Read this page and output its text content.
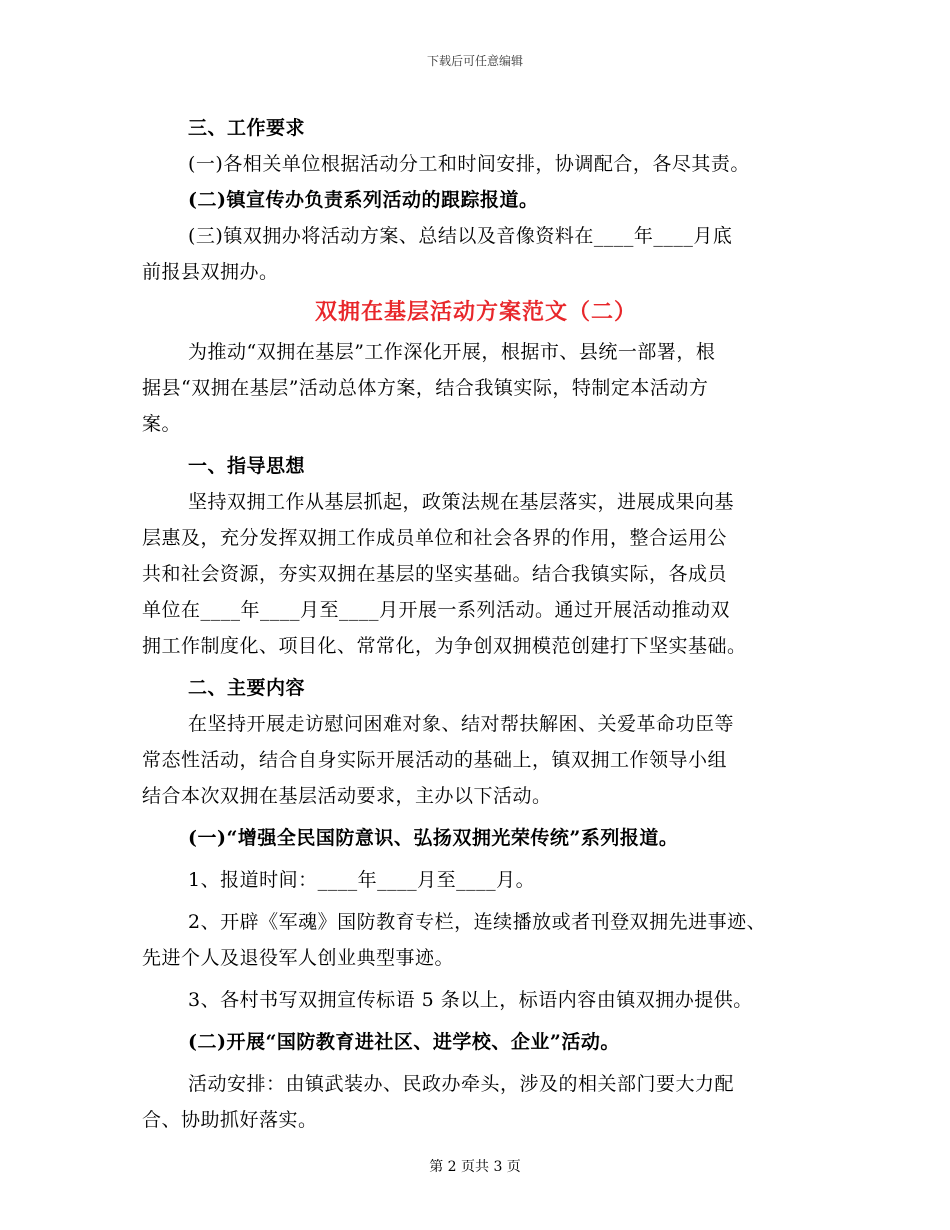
下载后可任意编辑
三、工作要求
(一)各相关单位根据活动分工和时间安排，协调配合，各尽其责。
(二)镇宣传办负责系列活动的跟踪报道。
(三)镇双拥办将活动方案、总结以及音像资料在____年____月底
前报县双拥办。
双拥在基层活动方案范文（二）
为推动“双拥在基层”工作深化开展，根据市、县统一部署，根
据县“双拥在基层”活动总体方案，结合我镇实际，特制定本活动方
案。
一、指导思想
坚持双拥工作从基层抓起，政策法规在基层落实，进展成果向基
层惠及，充分发挥双拥工作成员单位和社会各界的作用，整合运用公
共和社会资源，夯实双拥在基层的坚实基础。结合我镇实际，各成员
单位在____年____月至____月开展一系列活动。通过开展活动推动双
拥工作制度化、项目化、常常化，为争创双拥模范创建打下坚实基础。
二、主要内容
在坚持开展走访慰问困难对象、结对帮扶解困、关爱革命功臣等
常态性活动，结合自身实际开展活动的基础上，镇双拥工作领导小组
结合本次双拥在基层活动要求，主办以下活动。
(一)“增强全民国防意识、弘扬双拥光荣传统”系列报道。
1、报道时间：____年____月至____月。
2、开辟《军魂》国防教育专栏，连续播放或者刊登双拥先进事迹、
先进个人及退役军人创业典型事迹。
3、各村书写双拥宣传标语 5 条以上，标语内容由镇双拥办提供。
(二)开展“国防教育进社区、进学校、企业”活动。
活动安排：由镇武装办、民政办牵头，涉及的相关部门要大力配
合、协助抓好落实。
第 2 页共 3 页
